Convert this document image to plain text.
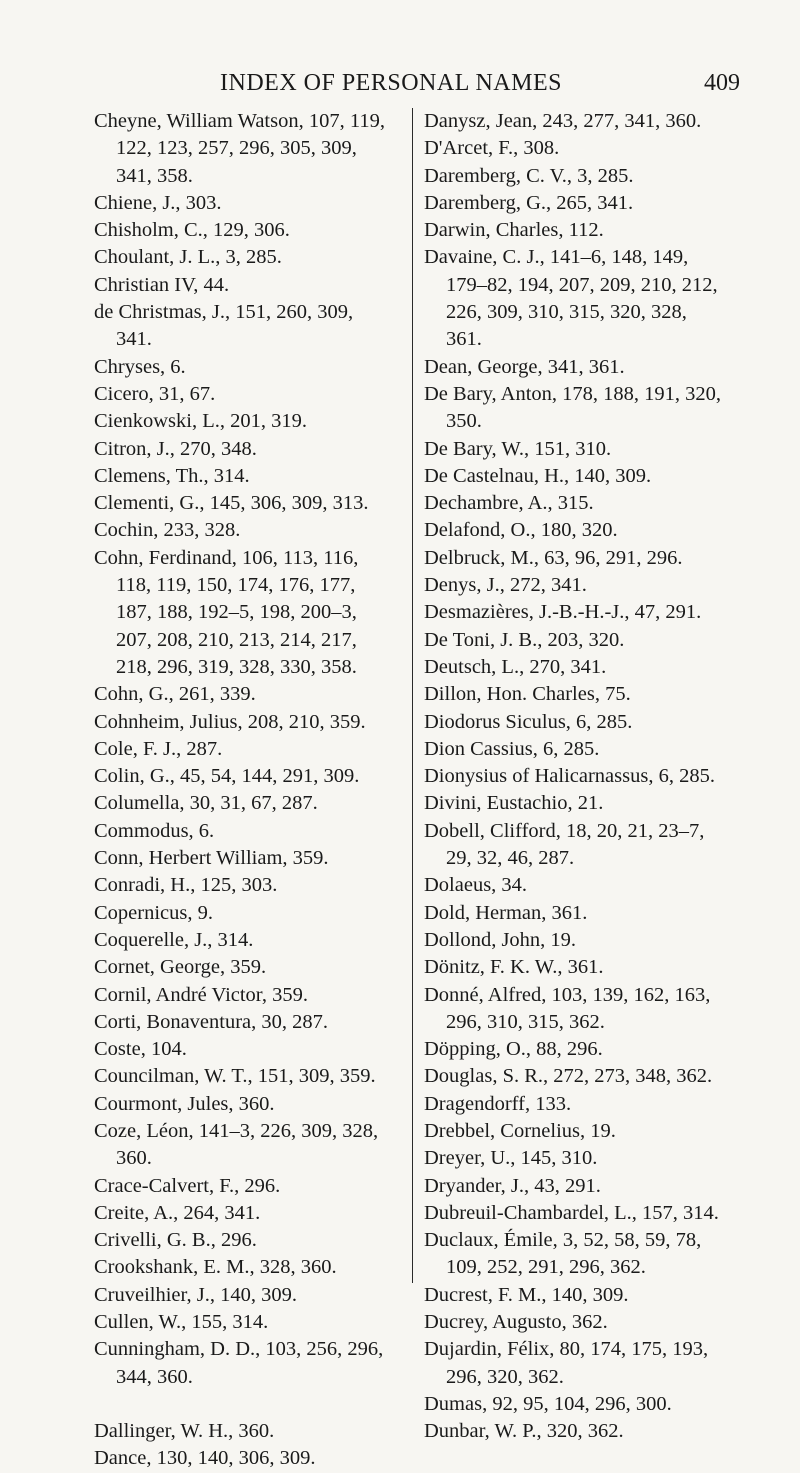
INDEX OF PERSONAL NAMES	409

Cheyne, William Watson, 107, 119, 122, 123, 257, 296, 305, 309, 341, 358.

Chiene, J., 303.

Chisholm, C., 129, 306.

Choulant, J. L., 3, 285.

Christian IV, 44.

de Christmas, J., 151, 260, 309, 341.

Chryses, 6.

Cicero, 31, 67.

Cienkowski, L., 201, 319.

Citron, J., 270, 348.

Clemens, Th., 314.

Clementi, G., 145, 306, 309, 313.

Cochin, 233, 328.

Cohn, Ferdinand, 106, 113, 116, 118, 119, 150, 174, 176, 177, 187, 188, 192–5, 198, 200–3, 207, 208, 210, 213, 214, 217, 218, 296, 319, 328, 330, 358.

Cohn, G., 261, 339.

Cohnheim, Julius, 208, 210, 359.

Cole, F. J., 287.

Colin, G., 45, 54, 144, 291, 309.

Columella, 30, 31, 67, 287.

Commodus, 6.

Conn, Herbert William, 359.

Conradi, H., 125, 303.

Copernicus, 9.

Coquerelle, J., 314.

Cornet, George, 359.

Cornil, André Victor, 359.

Corti, Bonaventura, 30, 287.

Coste, 104.

Councilman, W. T., 151, 309, 359.

Courmont, Jules, 360.

Coze, Léon, 141–3, 226, 309, 328, 360.

Crace-Calvert, F., 296.

Creite, A., 264, 341.

Crivelli, G. B., 296.

Crookshank, E. M., 328, 360.

Cruveilhier, J., 140, 309.

Cullen, W., 155, 314.

Cunningham, D. D., 103, 256, 296, 344, 360.

Dallinger, W. H., 360.

Dance, 130, 140, 306, 309.

Danysz, Jean, 243, 277, 341, 360.

D'Arcet, F., 308.

Daremberg, C. V., 3, 285.

Daremberg, G., 265, 341.

Darwin, Charles, 112.

Davaine, C. J., 141–6, 148, 149, 179–82, 194, 207, 209, 210, 212, 226, 309, 310, 315, 320, 328, 361.

Dean, George, 341, 361.

De Bary, Anton, 178, 188, 191, 320, 350.

De Bary, W., 151, 310.

De Castelnau, H., 140, 309.

Dechambre, A., 315.

Delafond, O., 180, 320.

Delbruck, M., 63, 96, 291, 296.

Denys, J., 272, 341.

Desmazières, J.-B.-H.-J., 47, 291.

De Toni, J. B., 203, 320.

Deutsch, L., 270, 341.

Dillon, Hon. Charles, 75.

Diodorus Siculus, 6, 285.

Dion Cassius, 6, 285.

Dionysius of Halicarnassus, 6, 285.

Divini, Eustachio, 21.

Dobell, Clifford, 18, 20, 21, 23–7, 29, 32, 46, 287.

Dolaeus, 34.

Dold, Herman, 361.

Dollond, John, 19.

Dönitz, F. K. W., 361.

Donné, Alfred, 103, 139, 162, 163, 296, 310, 315, 362.

Döpping, O., 88, 296.

Douglas, S. R., 272, 273, 348, 362.

Dragendorff, 133.

Drebbel, Cornelius, 19.

Dreyer, U., 145, 310.

Dryander, J., 43, 291.

Dubreuil-Chambardel, L., 157, 314.

Duclaux, Émile, 3, 52, 58, 59, 78, 109, 252, 291, 296, 362.

Ducrest, F. M., 140, 309.

Ducrey, Augusto, 362.

Dujardin, Félix, 80, 174, 175, 193, 296, 320, 362.

Dumas, 92, 95, 104, 296, 300.

Dunbar, W. P., 320, 362.
